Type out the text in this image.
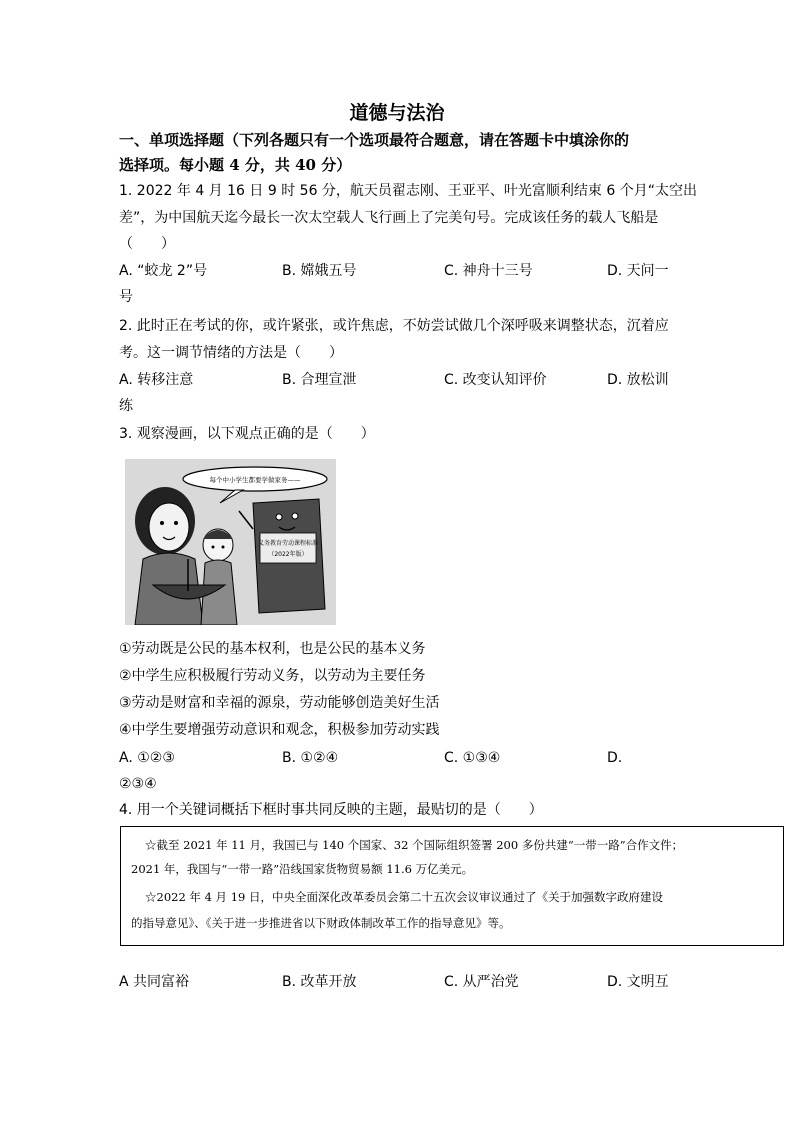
道德与法治
一、单项选择题（下列各题只有一个选项最符合题意，请在答题卡中填涂你的
选择项。每小题 4 分，共 40 分）
1. 2022 年 4 月 16 日 9 时 56 分，航天员翟志刚、王亚平、叶光富顺利结束 6 个月“太空出
差”，为中国航天迄今最长一次太空载人飞行画上了完美句号。完成该任务的载人飞船是
（　　）
A. “蛟龙 2”号	B. 嫦娥五号	C. 神舟十三号	D. 天问一
号
2. 此时正在考试的你，或许紧张，或许焦虑，不妨尝试做几个深呼吸来调整状态，沉着应
考。这一调节情绪的方法是（　　）
A. 转移注意	B. 合理宣泄	C. 改变认知评价	D. 放松训
练
3. 观察漫画，以下观点正确的是（　　）
每个中小学生都要学做家务——
义务教育劳动课程标准
（2022年版）
①劳动既是公民的基本权利，也是公民的基本义务
②中学生应积极履行劳动义务，以劳动为主要任务
③劳动是财富和幸福的源泉，劳动能够创造美好生活
④中学生要增强劳动意识和观念，积极参加劳动实践
A. ①②③	B. ①②④	C. ①③④	D.
②③④
4. 用一个关键词概括下框时事共同反映的主题，最贴切的是（　　）
☆截至 2021 年 11 月，我国已与 140 个国家、32 个国际组织签署 200 多份共建“一带一路”合作文件；
2021 年，我国与“一带一路”沿线国家货物贸易额 11.6 万亿美元。
☆2022 年 4 月 19 日，中央全面深化改革委员会第二十五次会议审议通过了《关于加强数字政府建设
的指导意见》、《关于进一步推进省以下财政体制改革工作的指导意见》等。
A 共同富裕	B. 改革开放	C. 从严治党	D. 文明互
